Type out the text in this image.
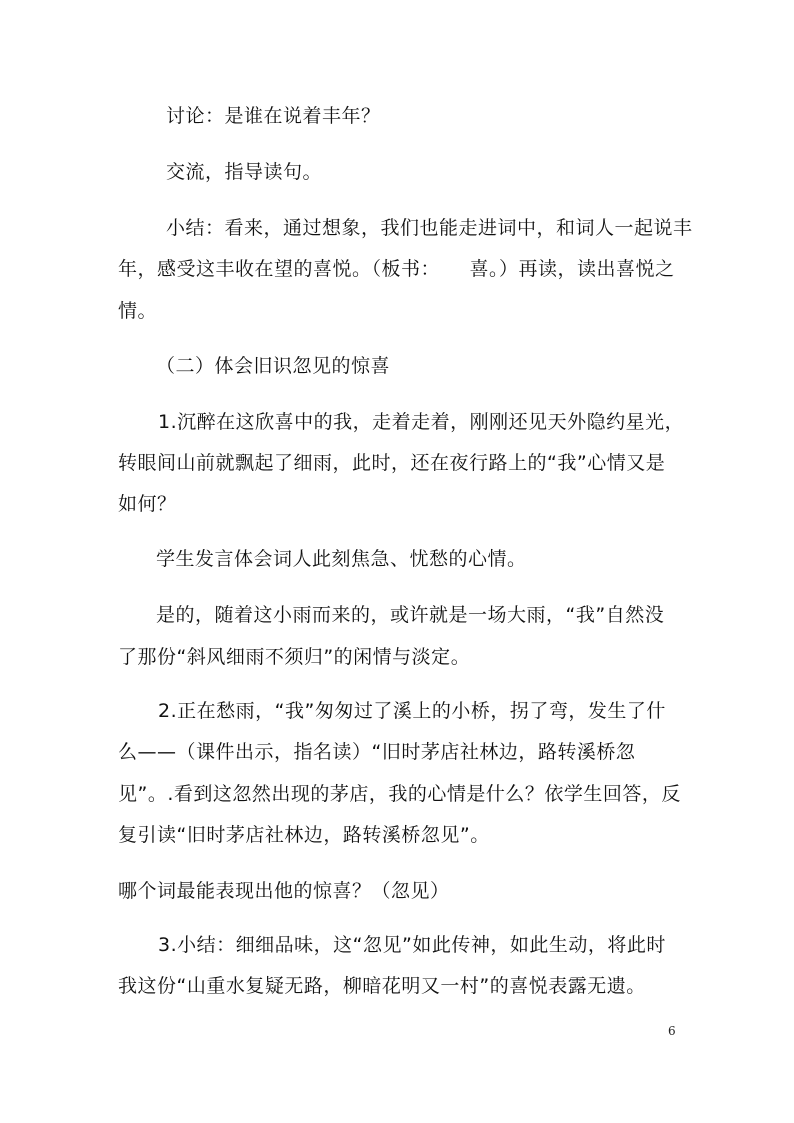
讨论：是谁在说着丰年？
交流，指导读句。
小结：看来，通过想象，我们也能走进词中，和词人一起说丰
年，感受这丰收在望的喜悦。（板书：　　喜。）再读，读出喜悦之
情。
（二）体会旧识忽见的惊喜
1.沉醉在这欣喜中的我，走着走着，刚刚还见天外隐约星光，
转眼间山前就飘起了细雨，此时，还在夜行路上的“我”心情又是
如何？
学生发言体会词人此刻焦急、忧愁的心情。
是的，随着这小雨而来的，或许就是一场大雨，“我”自然没
了那份“斜风细雨不须归”的闲情与淡定。
2.正在愁雨，“我”匆匆过了溪上的小桥，拐了弯，发生了什
么——（课件出示，指名读）“旧时茅店社林边，路转溪桥忽
见”。.看到这忽然出现的茅店，我的心情是什么？依学生回答，反
复引读“旧时茅店社林边，路转溪桥忽见”。
哪个词最能表现出他的惊喜？（忽见）
3.小结：细细品味，这“忽见”如此传神，如此生动，将此时
我这份“山重水复疑无路，柳暗花明又一村”的喜悦表露无遗。
6
